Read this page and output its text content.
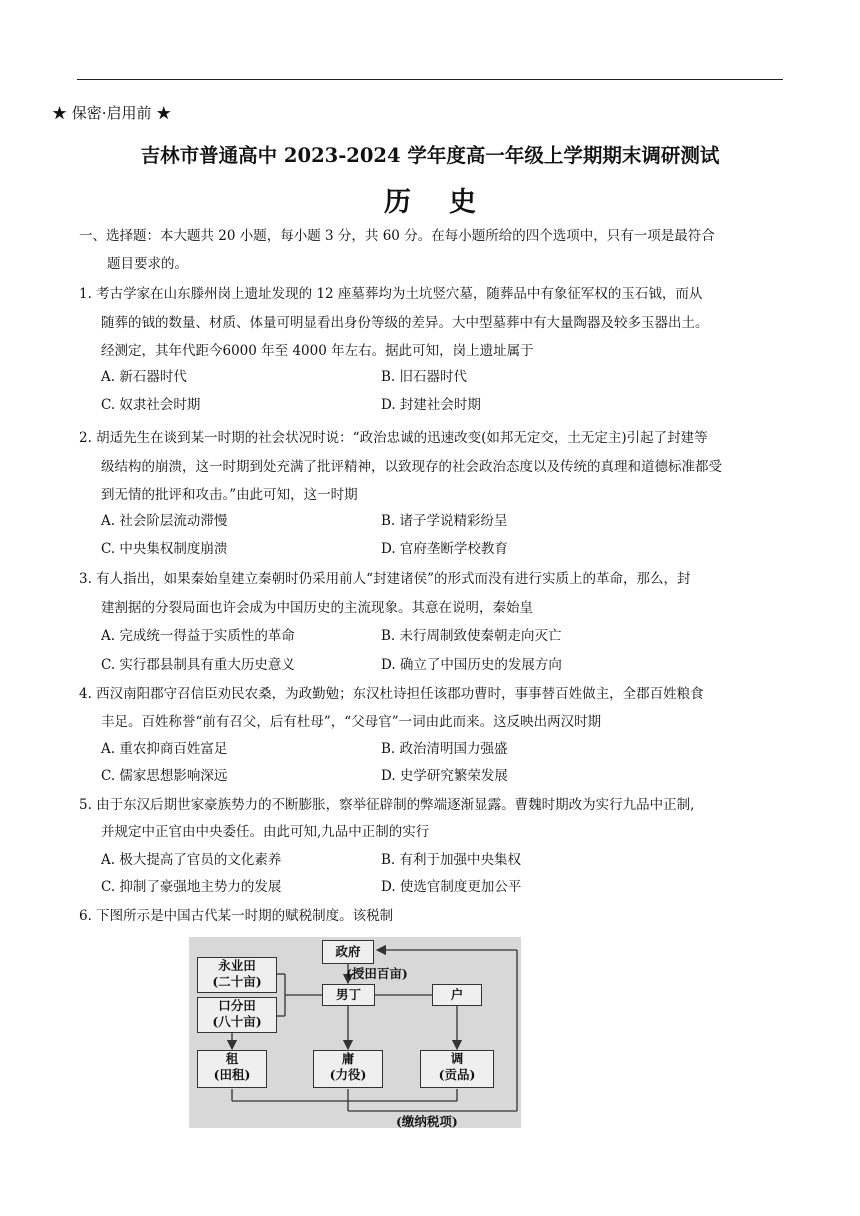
★ 保密·启用前 ★
吉林市普通高中 2023-2024 学年度高一年级上学期期末调研测试
历史
一、选择题：本大题共 20 小题，每小题 3 分，共 60 分。在每小题所给的四个选项中，只有一项是最符合
题目要求的。
1. 考古学家在山东滕州岗上遗址发现的 12 座墓葬均为土坑竖穴墓，随葬品中有象征军权的玉石钺，而从
随葬的钺的数量、材质、体量可明显看出身份等级的差异。大中型墓葬中有大量陶器及较多玉器出土。
经测定，其年代距今6000 年至 4000 年左右。据此可知，岗上遗址属于
A. 新石器时代	B. 旧石器时代
C. 奴隶社会时期	D. 封建社会时期
2. 胡适先生在谈到某一时期的社会状况时说：“政治忠诚的迅速改变(如邦无定交，土无定主)引起了封建等
级结构的崩溃，这一时期到处充满了批评精神，以致现存的社会政治态度以及传统的真理和道德标准都受
到无情的批评和攻击。”由此可知，这一时期
A. 社会阶层流动滞慢	B. 诸子学说精彩纷呈
C. 中央集权制度崩溃	D. 官府垄断学校教育
3. 有人指出，如果秦始皇建立秦朝时仍采用前人“封建诸侯”的形式而没有进行实质上的革命，那么，封
建割据的分裂局面也许会成为中国历史的主流现象。其意在说明，秦始皇
A. 完成统一得益于实质性的革命	B. 未行周制致使秦朝走向灭亡
C. 实行郡县制具有重大历史意义	D. 确立了中国历史的发展方向
4. 西汉南阳郡守召信臣劝民农桑，为政勤勉；东汉杜诗担任该郡功曹时，事事替百姓做主，全郡百姓粮食
丰足。百姓称誉“前有召父，后有杜母”，“父母官”一词由此而来。这反映出两汉时期
A. 重农抑商百姓富足	B. 政治清明国力强盛
C. 儒家思想影响深远	D. 史学研究繁荣发展
5. 由于东汉后期世家豪族势力的不断膨胀，察举征辟制的弊端逐渐显露。曹魏时期改为实行九品中正制,
并规定中正官由中央委任。由此可知,九品中正制的实行
A. 极大提高了官员的文化素养	B. 有利于加强中央集权
C. 抑制了豪强地主势力的发展	D. 使选官制度更加公平
6. 下图所示是中国古代某一时期的赋税制度。该税制
政府
(授田百亩)
永业田
(二十亩)
口分田
(八十亩)
男丁	户
租
(田租)
庸
(力役)
调
(贡品)
(缴纳税项)
